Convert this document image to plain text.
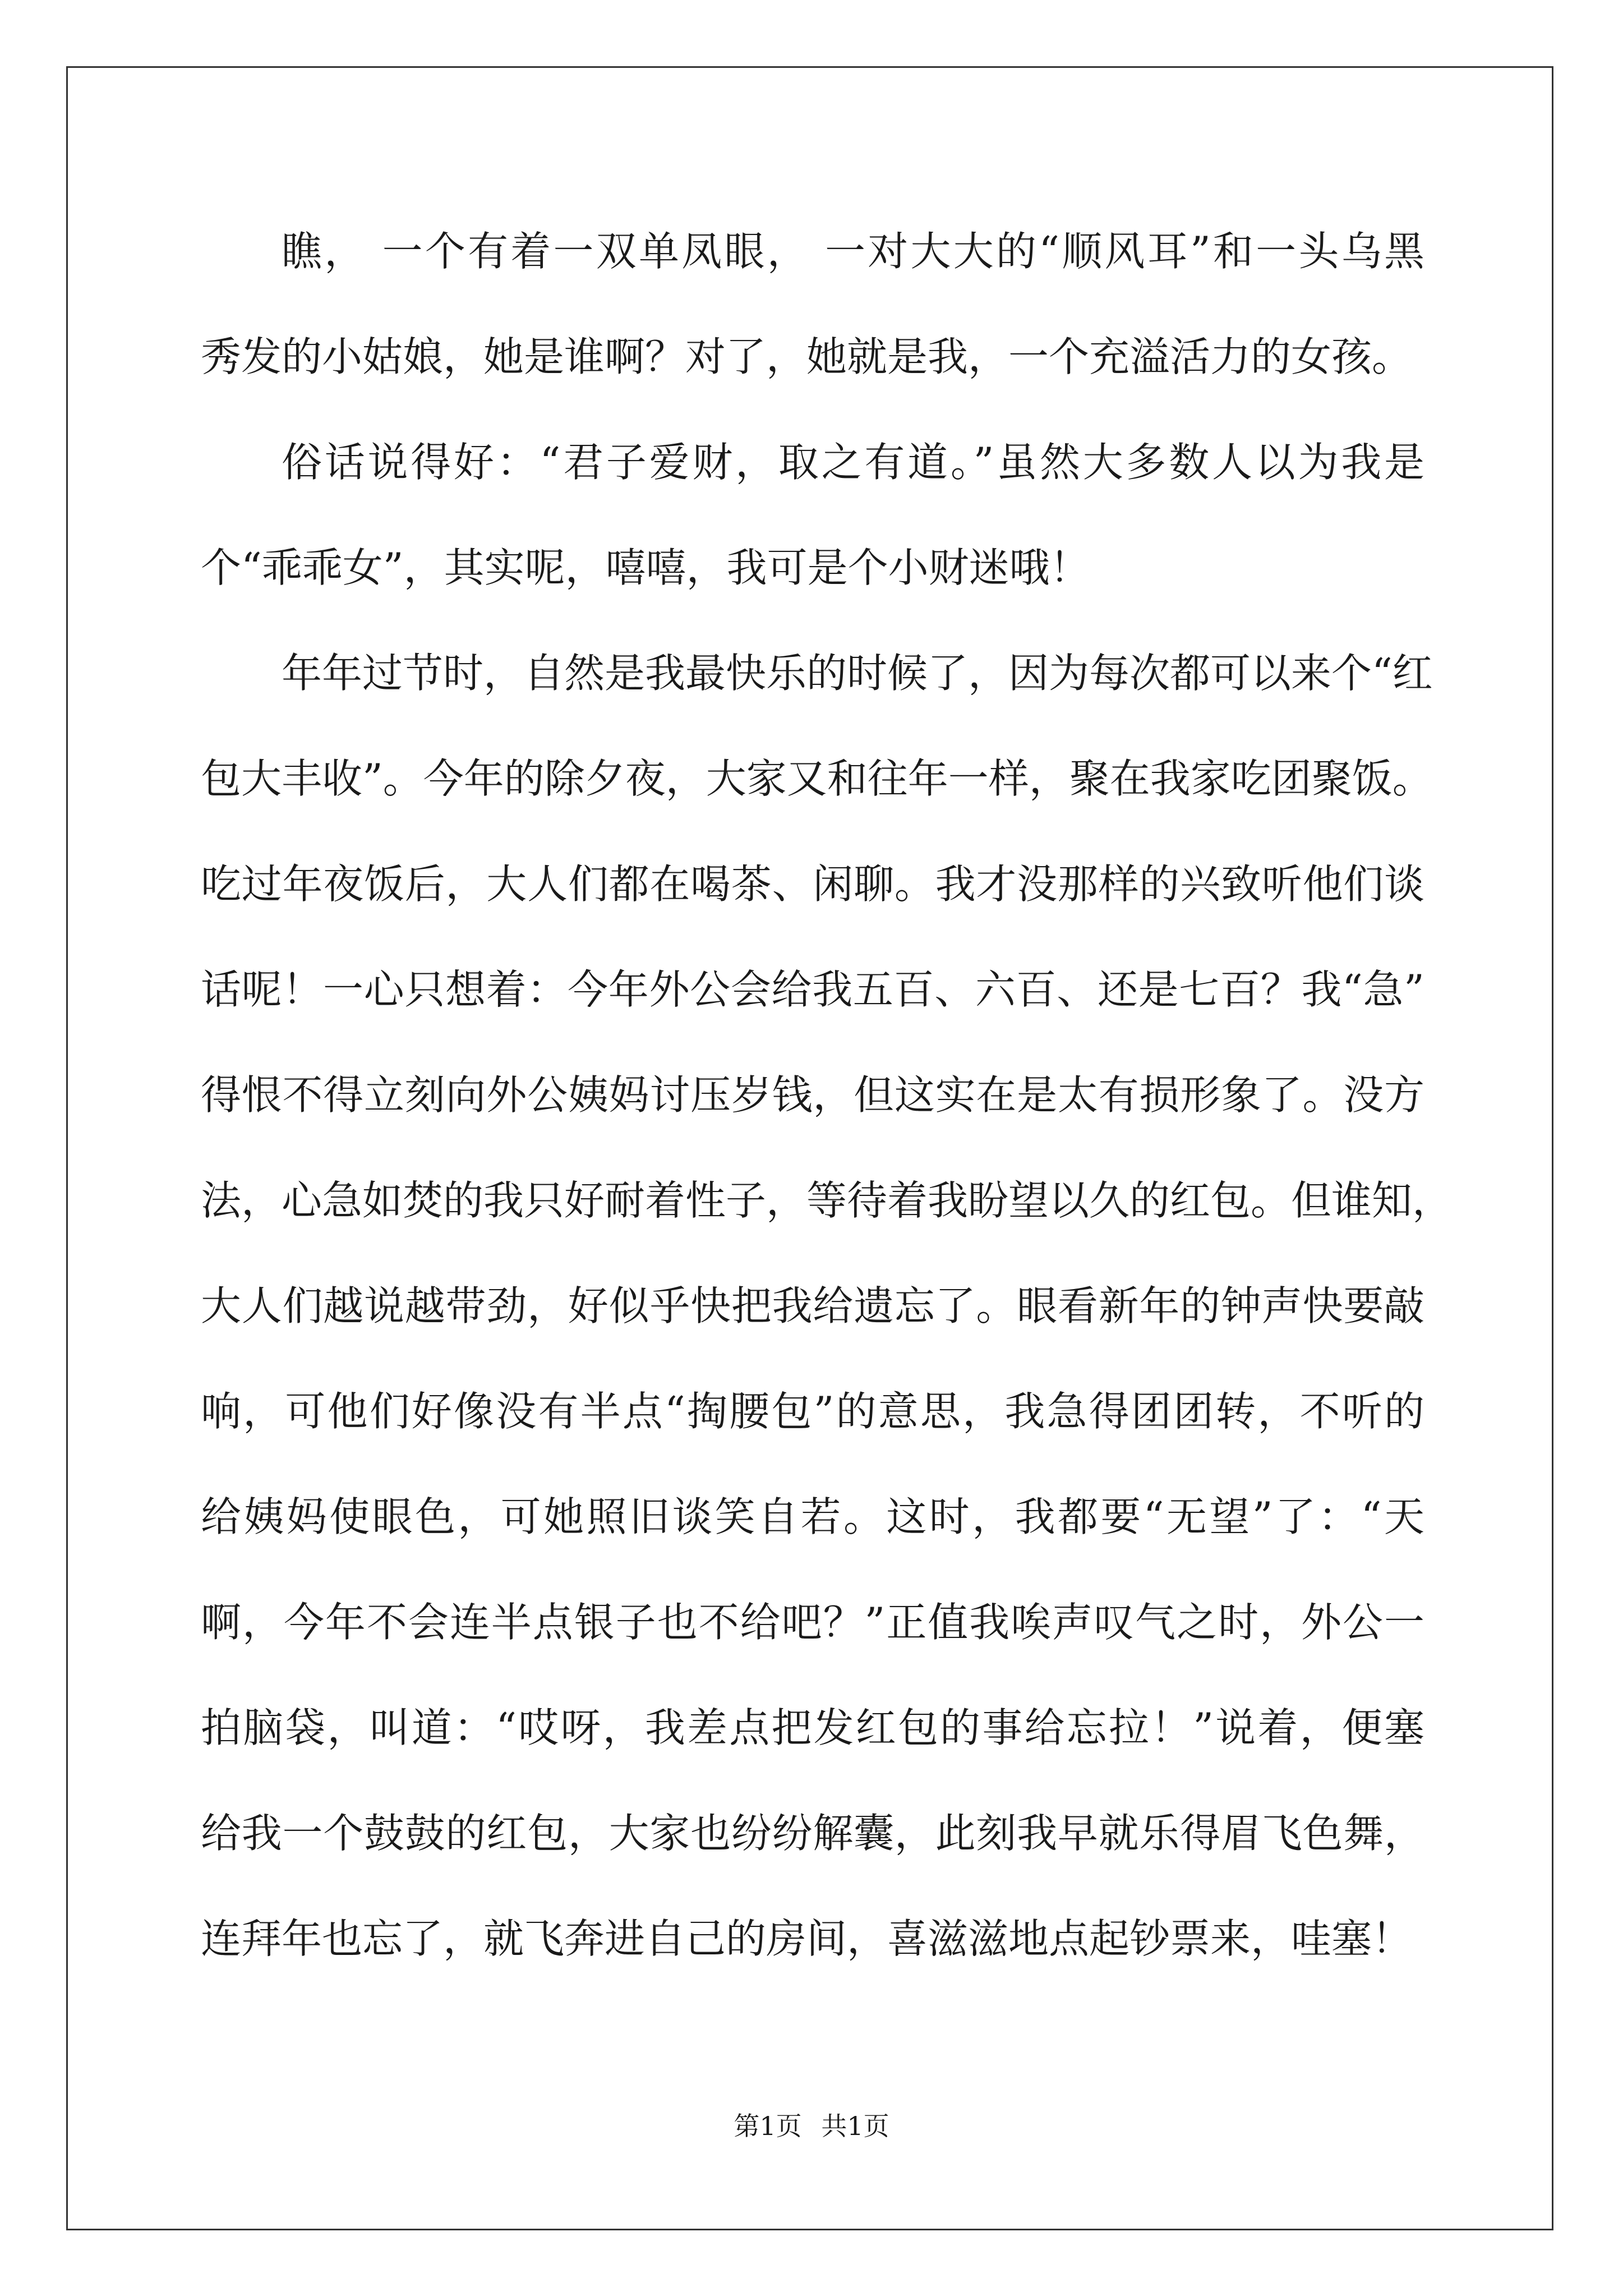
瞧， 一个有着一双单凤眼， 一对大大的“顺风耳”和一头乌黑
秀发的小姑娘，她是谁啊？对了，她就是我，一个充溢活力的女孩。
俗话说得好：“君子爱财，取之有道。”虽然大多数人以为我是
个“乖乖女”，其实呢，嘻嘻，我可是个小财迷哦！
年年过节时，自然是我最快乐的时候了，因为每次都可以来个“红
包大丰收”。今年的除夕夜，大家又和往年一样，聚在我家吃团聚饭。
吃过年夜饭后，大人们都在喝茶、闲聊。我才没那样的兴致听他们谈
话呢！一心只想着：今年外公会给我五百、六百、还是七百？我“急”
得恨不得立刻向外公姨妈讨压岁钱，但这实在是太有损形象了。没方
法，心急如焚的我只好耐着性子，等待着我盼望以久的红包。但谁知，
大人们越说越带劲，好似乎快把我给遗忘了。眼看新年的钟声快要敲
响，可他们好像没有半点“掏腰包”的意思，我急得团团转，不听的
给姨妈使眼色，可她照旧谈笑自若。这时，我都要“无望”了：“天
啊，今年不会连半点银子也不给吧？”正值我唉声叹气之时，外公一
拍脑袋，叫道：“哎呀，我差点把发红包的事给忘拉！”说着，便塞
给我一个鼓鼓的红包，大家也纷纷解囊，此刻我早就乐得眉飞色舞，
连拜年也忘了，就飞奔进自己的房间，喜滋滋地点起钞票来，哇塞！
第1页 共1页
